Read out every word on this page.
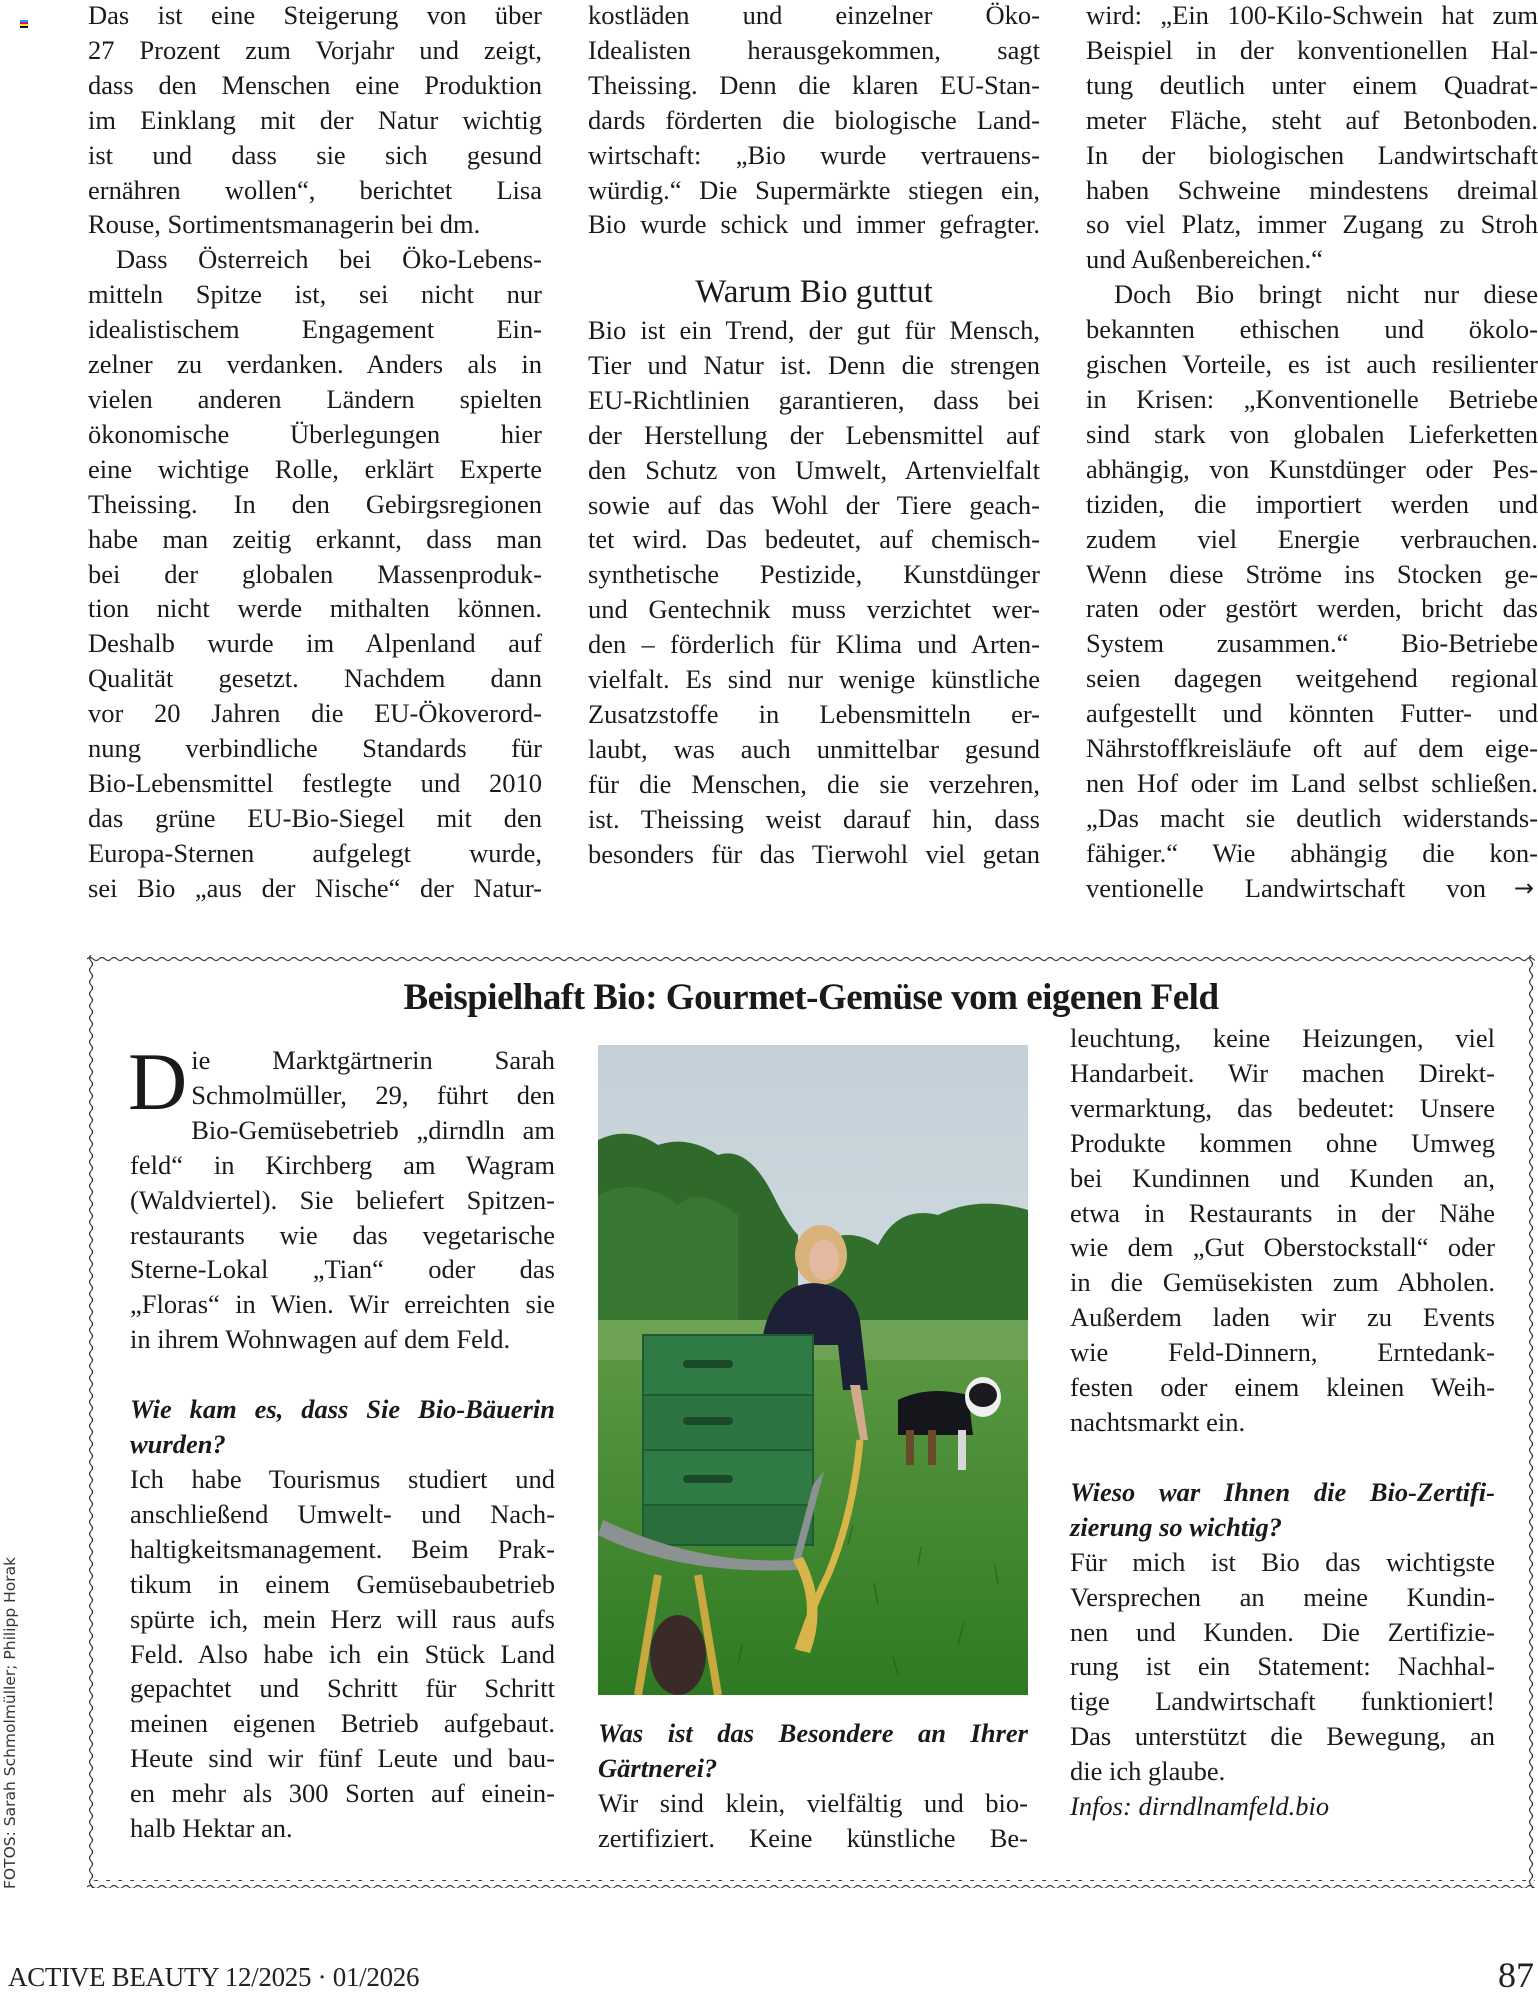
Das ist eine Steigerung von über
27 Prozent zum Vorjahr und zeigt,
dass den Menschen eine Produktion
im Einklang mit der Natur wichtig
ist und dass sie sich gesund
ernähren wollen“, berichtet Lisa
Rouse, Sortimentsmanagerin bei dm.
Dass Österreich bei Öko-Lebens-
mitteln Spitze ist, sei nicht nur
idealistischem Engagement Ein-
zelner zu verdanken. Anders als in
vielen anderen Ländern spielten
ökonomische Überlegungen hier
eine wichtige Rolle, erklärt Experte
Theissing. In den Gebirgsregionen
habe man zeitig erkannt, dass man
bei der globalen Massenproduk-
tion nicht werde mithalten können.
Deshalb wurde im Alpenland auf
Qualität gesetzt. Nachdem dann
vor 20 Jahren die EU-Ökoverord-
nung verbindliche Standards für
Bio-Lebensmittel festlegte und 2010
das grüne EU-Bio-Siegel mit den
Europa-Sternen aufgelegt wurde,
sei Bio „aus der Nische“ der Natur-
kostläden und einzelner Öko-
Idealisten herausgekommen, sagt
Theissing. Denn die klaren EU-Stan-
dards förderten die biologische Land-
wirtschaft: „Bio wurde vertrauens-
würdig.“ Die Supermärkte stiegen ein,
Bio wurde schick und immer gefragter.
Warum Bio guttut
Bio ist ein Trend, der gut für Mensch,
Tier und Natur ist. Denn die strengen
EU-Richtlinien garantieren, dass bei
der Herstellung der Lebensmittel auf
den Schutz von Umwelt, Artenvielfalt
sowie auf das Wohl der Tiere geach-
tet wird. Das bedeutet, auf chemisch-
synthetische Pestizide, Kunstdünger
und Gentechnik muss verzichtet wer-
den – förderlich für Klima und Arten-
vielfalt. Es sind nur wenige künstliche
Zusatzstoffe in Lebensmitteln er-
laubt, was auch unmittelbar gesund
für die Menschen, die sie verzehren,
ist. Theissing weist darauf hin, dass
besonders für das Tierwohl viel getan
wird: „Ein 100-Kilo-Schwein hat zum
Beispiel in der konventionellen Hal-
tung deutlich unter einem Quadrat-
meter Fläche, steht auf Betonboden.
In der biologischen Landwirtschaft
haben Schweine mindestens dreimal
so viel Platz, immer Zugang zu Stroh
und Außenbereichen.“
Doch Bio bringt nicht nur diese
bekannten ethischen und ökolo-
gischen Vorteile, es ist auch resilienter
in Krisen: „Konventionelle Betriebe
sind stark von globalen Lieferketten
abhängig, von Kunstdünger oder Pes-
tiziden, die importiert werden und
zudem viel Energie verbrauchen.
Wenn diese Ströme ins Stocken ge-
raten oder gestört werden, bricht das
System zusammen.“ Bio-Betriebe
seien dagegen weitgehend regional
aufgestellt und könnten Futter- und
Nährstoffkreisläufe oft auf dem eige-
nen Hof oder im Land selbst schließen.
„Das macht sie deutlich widerstands-
fähiger.“ Wie abhängig die kon-
ventionelle Landwirtschaft von →
Beispielhaft Bio: Gourmet-Gemüse vom eigenen Feld
D ie Marktgärtnerin Sarah
Schmolmüller, 29, führt den
Bio-Gemüsebetrieb „dirndln am
feld“ in Kirchberg am Wagram
(Waldviertel). Sie beliefert Spitzen-
restaurants wie das vegetarische
Sterne-Lokal „Tian“ oder das
„Floras“ in Wien. Wir erreichten sie
in ihrem Wohnwagen auf dem Feld.
Wie kam es, dass Sie Bio-Bäuerin
wurden?
Ich habe Tourismus studiert und
anschließend Umwelt- und Nach-
haltigkeitsmanagement. Beim Prak-
tikum in einem Gemüsebaubetrieb
spürte ich, mein Herz will raus aufs
Feld. Also habe ich ein Stück Land
gepachtet und Schritt für Schritt
meinen eigenen Betrieb aufgebaut.
Heute sind wir fünf Leute und bau-
en mehr als 300 Sorten auf einein-
halb Hektar an.
Was ist das Besondere an Ihrer
Gärtnerei?
Wir sind klein, vielfältig und bio-
zertifiziert. Keine künstliche Be-
leuchtung, keine Heizungen, viel
Handarbeit. Wir machen Direkt-
vermarktung, das bedeutet: Unsere
Produkte kommen ohne Umweg
bei Kundinnen und Kunden an,
etwa in Restaurants in der Nähe
wie dem „Gut Oberstockstall“ oder
in die Gemüsekisten zum Abholen.
Außerdem laden wir zu Events
wie Feld-Dinnern, Erntedank-
festen oder einem kleinen Weih-
nachtsmarkt ein.
Wieso war Ihnen die Bio-Zertifi-
zierung so wichtig?
Für mich ist Bio das wichtigste
Versprechen an meine Kundin-
nen und Kunden. Die Zertifizie-
rung ist ein Statement: Nachhal-
tige Landwirtschaft funktioniert!
Das unterstützt die Bewegung, an
die ich glaube.
Infos: dirndlnamfeld.bio
FOTOS: Sarah Schmolmüller; Philipp Horak
ACTIVE BEAUTY 12/2025 · 01/2026	87
